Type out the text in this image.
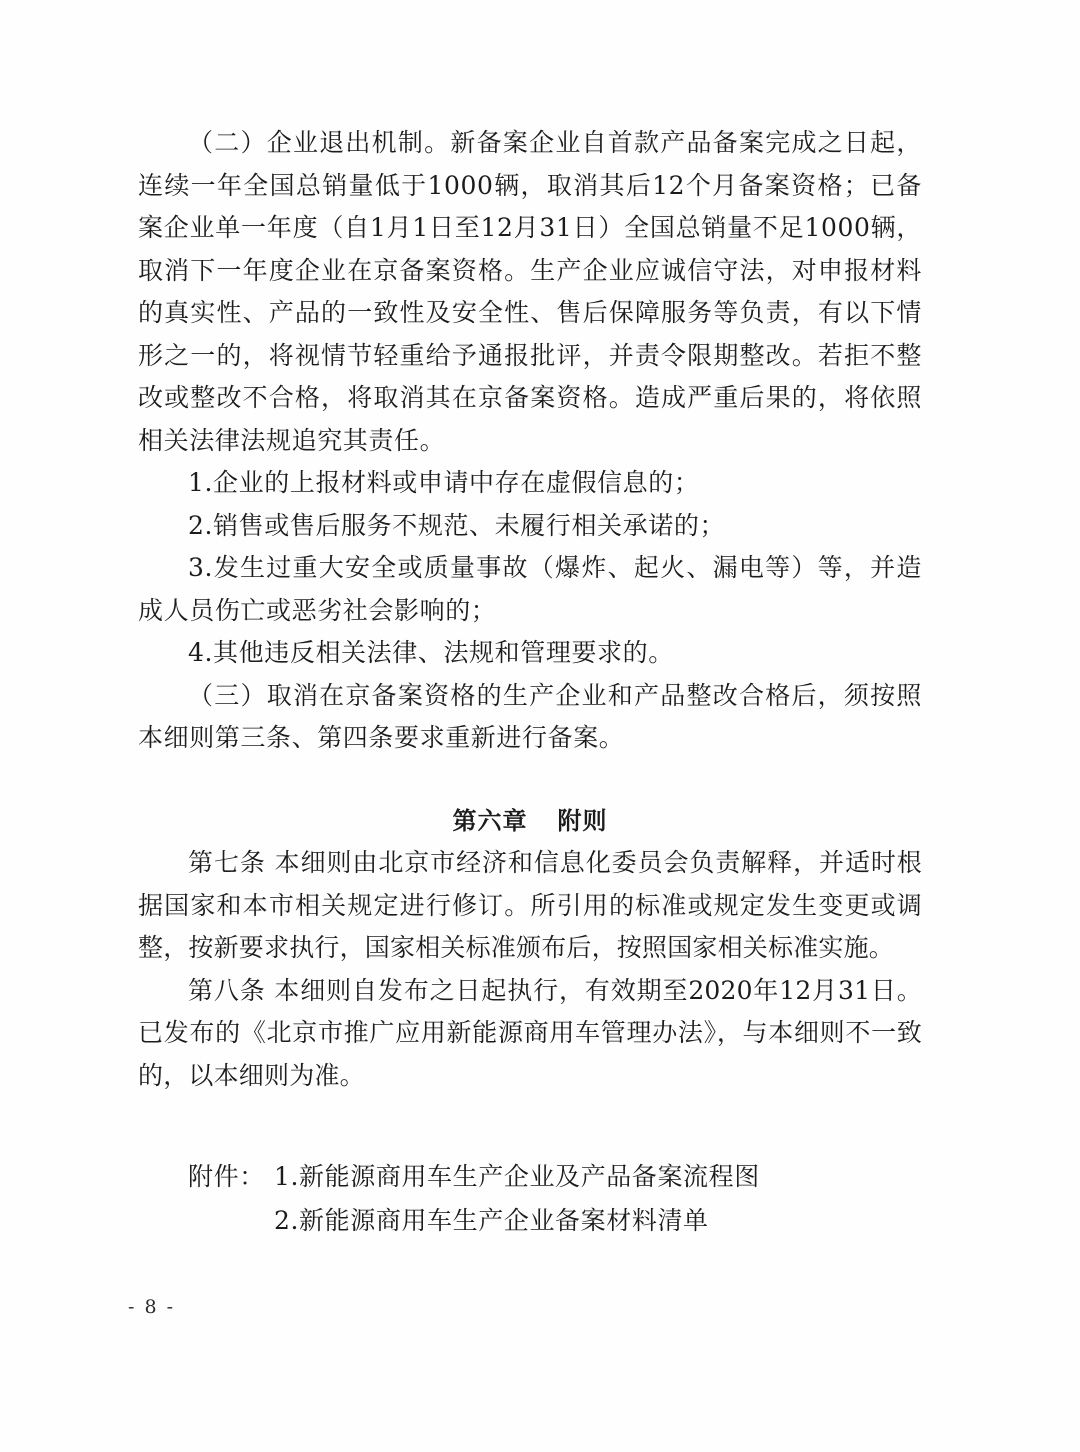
（二）企业退出机制。新备案企业自首款产品备案完成之日起，连续一年全国总销量低于1000辆，取消其后12个月备案资格；已备案企业单一年度（自1月1日至12月31日）全国总销量不足1000辆，取消下一年度企业在京备案资格。生产企业应诚信守法，对申报材料的真实性、产品的一致性及安全性、售后保障服务等负责，有以下情形之一的，将视情节轻重给予通报批评，并责令限期整改。若拒不整改或整改不合格，将取消其在京备案资格。造成严重后果的，将依照相关法律法规追究其责任。

1.企业的上报材料或申请中存在虚假信息的；

2.销售或售后服务不规范、未履行相关承诺的；

3.发生过重大安全或质量事故（爆炸、起火、漏电等）等，并造成人员伤亡或恶劣社会影响的；

4.其他违反相关法律、法规和管理要求的。

（三）取消在京备案资格的生产企业和产品整改合格后，须按照本细则第三条、第四条要求重新进行备案。

第六章 附则

第七条 本细则由北京市经济和信息化委员会负责解释，并适时根据国家和本市相关规定进行修订。所引用的标准或规定发生变更或调整，按新要求执行，国家相关标准颁布后，按照国家相关标准实施。

第八条 本细则自发布之日起执行，有效期至2020年12月31日。已发布的《北京市推广应用新能源商用车管理办法》，与本细则不一致的，以本细则为准。

附件： 1.新能源商用车生产企业及产品备案流程图
2.新能源商用车生产企业备案材料清单
- 8 -
